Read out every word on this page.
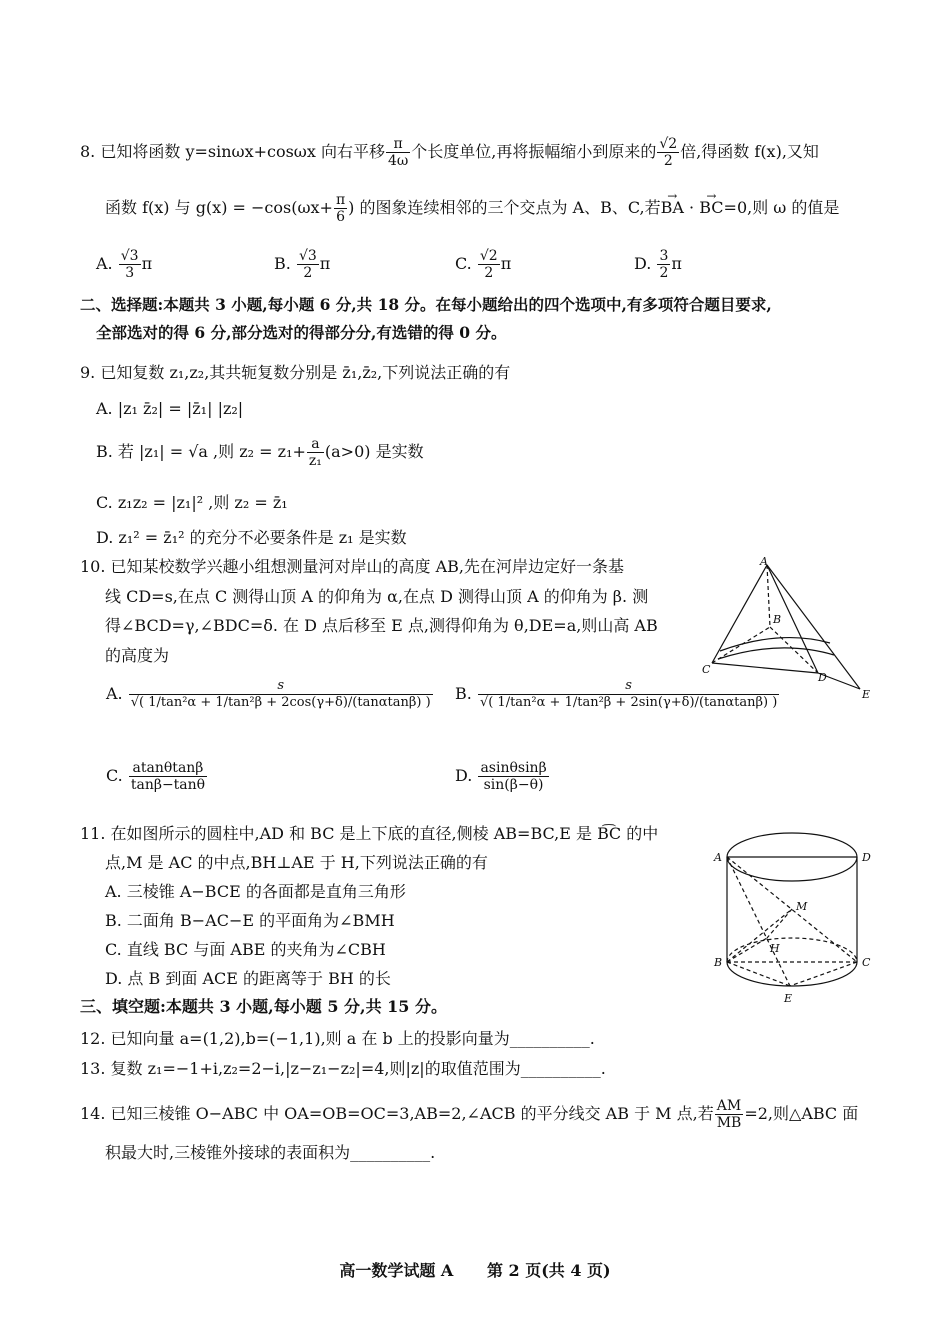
8. 已知将函数 y=sinωx+cosωx 向右平移 $\frac{\pi}{4\omega}$ 个长度单位,再将振幅缩小到原来的 $\frac{√2}{2}$ 倍,得函数 f(x),又知
函数 f(x) 与 $g(x) = -\cos(\omega x+ \frac{\pi}{6}$ ) 的图象连续相邻的三个交点为 A、B、C,若→ BA · → BC=0,则 ω 的值是
A. $\frac{√3}{3}$ π	B. $\frac{√3}{2}$ π	C. $\frac{√2}{2}$ π	D. $\frac{3}{2}$ π
二、选择题:本题共 3 小题,每小题 6 分,共 18 分。在每小题给出的四个选项中,有多项符合题目要求,
全部选对的得 6 分,部分选对的得部分分,有选错的得 0 分。
9. 已知复数 z₁,z₂,其共轭复数分别是 z̄₁,z̄₂,下列说法正确的有
A. |z₁ z̄₂| = |z̄₁| |z₂|
B. 若 |z₁| = √a ,则 $z_2 = z_1+ \frac{a}{\text{z₁}} (a>0)$ 是实数
C. z₁z₂ = |z₁|² ,则 z₂ = z̄₁
D. z₁² = z̄₁² 的充分不必要条件是 z₁ 是实数
10. 已知某校数学兴趣小组想测量河对岸山的高度 AB,先在河岸边定好一条基
线 CD=s,在点 C 测得山顶 A 的仰角为 α,在点 D 测得山顶 A 的仰角为 β. 测
得∠BCD=γ,∠BDC=δ. 在 D 点后移至 E 点,测得仰角为 θ,DE=a,则山高 AB
的高度为
A. $\frac{s}{\text{√( 1/tan²α + 1/tan²β + 2cos(γ+δ)/(tanαtanβ) )}} B$. $\frac{s}{\text{√( 1/tan²α + 1/tan²β + 2sin(γ+δ)/(tanαtanβ) )}}$
C. $\frac{atan\theta\tan\beta}{\tan\beta-\tan\theta}$	D. $\frac{asin\theta\sin\beta}{\sin(\beta-\theta)}$
A
B
C
D
E
11. 在如图所示的圆柱中,AD 和 BC 是上下底的直径,侧棱 AB=BC,E 是 B͡C 的中
点,M 是 AC 的中点,BH⊥AE 于 H,下列说法正确的有
A. 三棱锥 A−BCE 的各面都是直角三角形
B. 二面角 B−AC−E 的平面角为∠BMH
C. 直线 BC 与面 ABE 的夹角为∠CBH
D. 点 B 到面 ACE 的距离等于 BH 的长
A	D
M
H
B	C
E
三、填空题:本题共 3 小题,每小题 5 分,共 15 分。
12. 已知向量 a=(1,2),b=(−1,1),则 a 在 b 上的投影向量为__________.
13. 复数 z₁=−1+i,z₂=2−i,|z−z₁−z₂|=4,则|z|的取值范围为__________.
14. 已知三棱锥 O−ABC 中 OA=OB=OC=3,AB=2,∠ACB 的平分线交 AB 于 M 点,若 $\frac{AM}{MB} =2$,则△ABC 面
积最大时,三棱锥外接球的表面积为__________.
高一数学试题 A 第 2 页(共 4 页)
